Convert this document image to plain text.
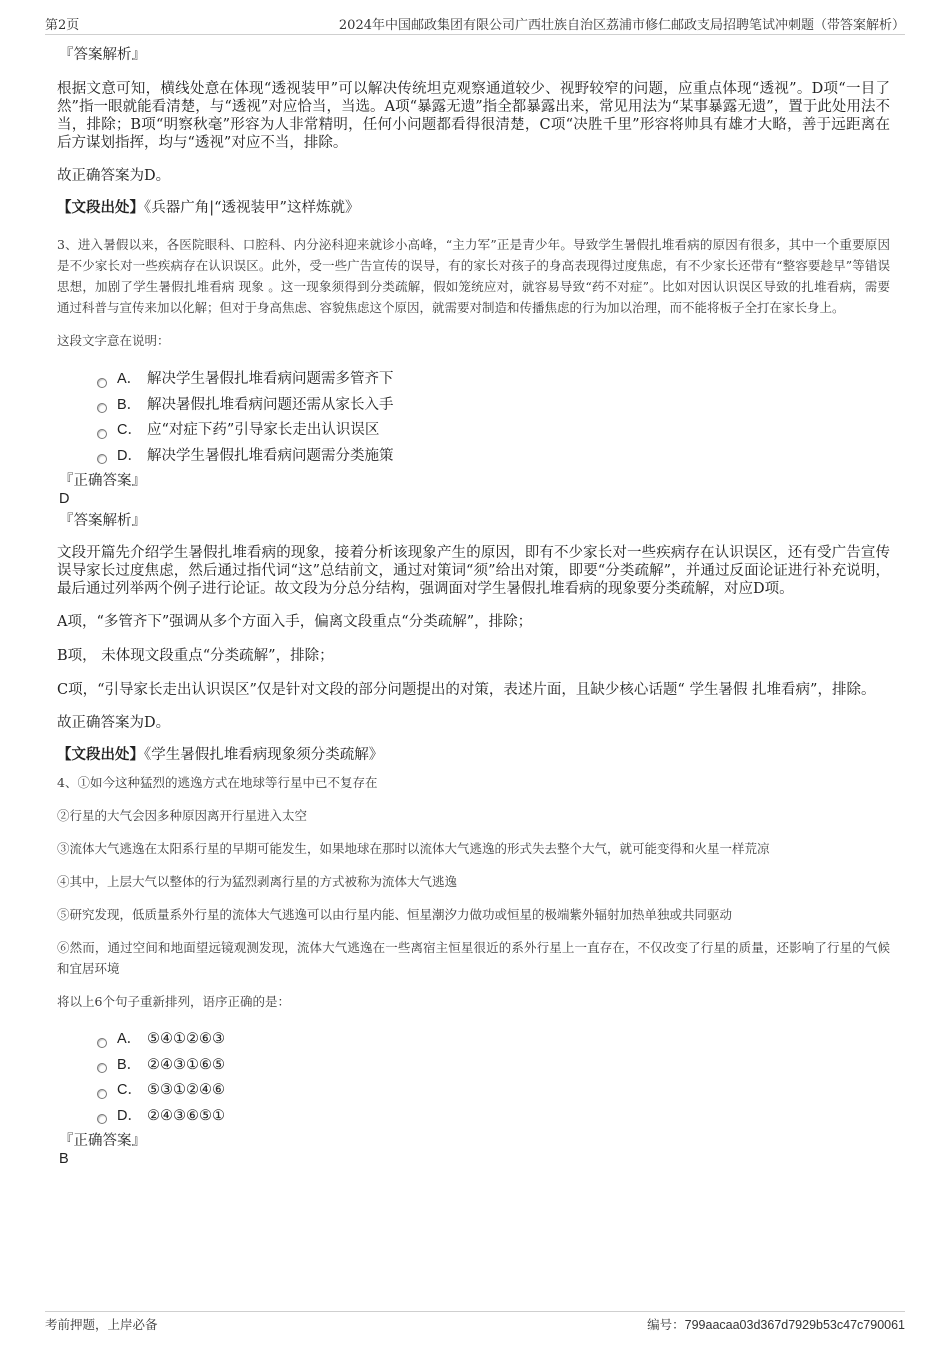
第2页	2024年中国邮政集团有限公司广西壮族自治区荔浦市修仁邮政支局招聘笔试冲刺题（带答案解析）
『答案解析』

根据文意可知，横线处意在体现“透视装甲”可以解决传统坦克观察通道较少、视野较窄的问题，应重点体现“透视”。D项“一目了然”指一眼就能看清楚，与“透视”对应恰当，当选。A项“暴露无遗”指全都暴露出来，常见用法为“某事暴露无遗”，置于此处用法不当，排除；B项“明察秋毫”形容为人非常精明，任何小问题都看得很清楚，C项“决胜千里”形容将帅具有雄才大略，善于远距离在后方谋划指挥，均与“透视”对应不当，排除。

故正确答案为D。

【文段出处】《兵器广角|“透视装甲”这样炼就》

3、进入暑假以来，各医院眼科、口腔科、内分泌科迎来就诊小高峰，“主力军”正是青少年。导致学生暑假扎堆看病的原因有很多，其中一个重要原因是不少家长对一些疾病存在认识误区。此外，受一些广告宣传的误导，有的家长对孩子的身高表现得过度焦虑，有不少家长还带有“整容要趁早”等错误思想，加剧了学生暑假扎堆看病 现象 。这一现象须得到分类疏解，假如笼统应对，就容易导致“药不对症”。比如对因认识误区导致的扎堆看病，需要通过科普与宣传来加以化解；但对于身高焦虑、容貌焦虑这个原因，就需要对制造和传播焦虑的行为加以治理，而不能将板子全打在家长身上。

这段文字意在说明：

A． 解决学生暑假扎堆看病问题需多管齐下
B． 解决暑假扎堆看病问题还需从家长入手
C． 应“对症下药”引导家长走出认识误区
D． 解决学生暑假扎堆看病问题需分类施策
『正确答案』
D
『答案解析』

文段开篇先介绍学生暑假扎堆看病的现象，接着分析该现象产生的原因，即有不少家长对一些疾病存在认识误区，还有受广告宣传误导家长过度焦虑，然后通过指代词“这”总结前文，通过对策词“须”给出对策，即要“分类疏解”，并通过反面论证进行补充说明，最后通过列举两个例子进行论证。故文段为分总分结构，强调面对学生暑假扎堆看病的现象要分类疏解，对应D项。

A项，“多管齐下”强调从多个方面入手，偏离文段重点“分类疏解”，排除；

B项， 未体现文段重点“分类疏解”，排除；

C项，“引导家长走出认识误区”仅是针对文段的部分问题提出的对策，表述片面，且缺少核心话题“ 学生暑假 扎堆看病”，排除。

故正确答案为D。

【文段出处】《学生暑假扎堆看病现象须分类疏解》

4、①如今这种猛烈的逃逸方式在地球等行星中已不复存在

②行星的大气会因多种原因离开行星进入太空

③流体大气逃逸在太阳系行星的早期可能发生，如果地球在那时以流体大气逃逸的形式失去整个大气，就可能变得和火星一样荒凉

④其中，上层大气以整体的行为猛烈剥离行星的方式被称为流体大气逃逸

⑤研究发现，低质量系外行星的流体大气逃逸可以由行星内能、恒星潮汐力做功或恒星的极端紫外辐射加热单独或共同驱动

⑥然而，通过空间和地面望远镜观测发现，流体大气逃逸在一些离宿主恒星很近的系外行星上一直存在，不仅改变了行星的质量，还影响了行星的气候和宜居环境

将以上6个句子重新排列，语序正确的是：

A． ⑤④①②⑥③
B． ②④③①⑥⑤
C． ⑤③①②④⑥
D． ②④③⑥⑤①
『正确答案』
B
考前押题，上岸必备	编号：799aacaa03d367d7929b53c47c790061
